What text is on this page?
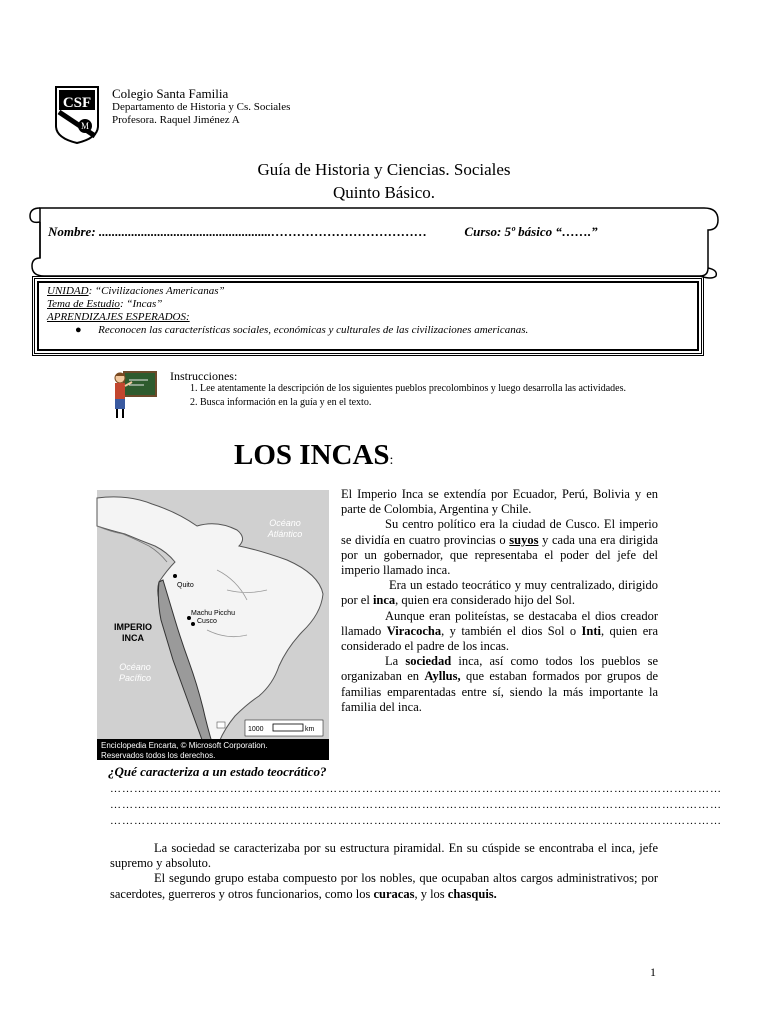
CSF
M
Colegio Santa Familia
Departamento de Historia y Cs. Sociales
Profesora. Raquel Jiménez A
Guía de Historia y Ciencias. Sociales
Quinto Básico.
Nombre: .....................................................………………………………	Curso: 5º básico “…….”
UNIDAD: “Civilizaciones Americanas”
Tema de Estudio: “Incas”
APRENDIZAJES ESPERADOS:
●      Reconocen las características sociales, económicas y culturales de las civilizaciones americanas.
Instrucciones:
1. Lee atentamente la descripción de los siguientes pueblos precolombinos y luego desarrolla las actividades.
2. Busca información en la guía y en el texto.
LOS INCAS:
Océano Atlántico
Océano Pacífico
IMPERIO INCA
Quito
Machu Picchu
Cusco
1000	km
Enciclopedia Encarta, © Microsoft Corporation.
Reservados todos los derechos.

El Imperio Inca se extendía por Ecuador, Perú, Bolivia y en parte de Colombia, Argentina y Chile.

Su centro político era la ciudad de Cusco. El imperio se dividía en cuatro provincias o suyos y cada una era dirigida por un gobernador, que representaba el poder del jefe del imperio llamado inca.

Era un estado teocrático y muy centralizado, dirigido por el inca, quien era considerado hijo del Sol.

Aunque eran politeístas, se destacaba el dios creador llamado Viracocha, y también el dios Sol o Inti, quien era considerado el padre de los incas.

La sociedad inca, así como todos los pueblos se organizaban en Ayllus, que estaban formados por grupos de familias emparentadas entre sí, siendo la más importante la familia del inca.

¿Qué caracteriza a un estado teocrático?
………………………………………………………………………………………………………………………………………
………………………………………………………………………………………………………………………………………
………………………………………………………………………………………………………………………………………

La sociedad se caracterizaba por su estructura piramidal. En su cúspide se encontraba el inca, jefe supremo y absoluto.

El segundo grupo estaba compuesto por los nobles, que ocupaban altos cargos administrativos; por sacerdotes, guerreros y otros funcionarios, como los curacas, y los chasquis.

1
